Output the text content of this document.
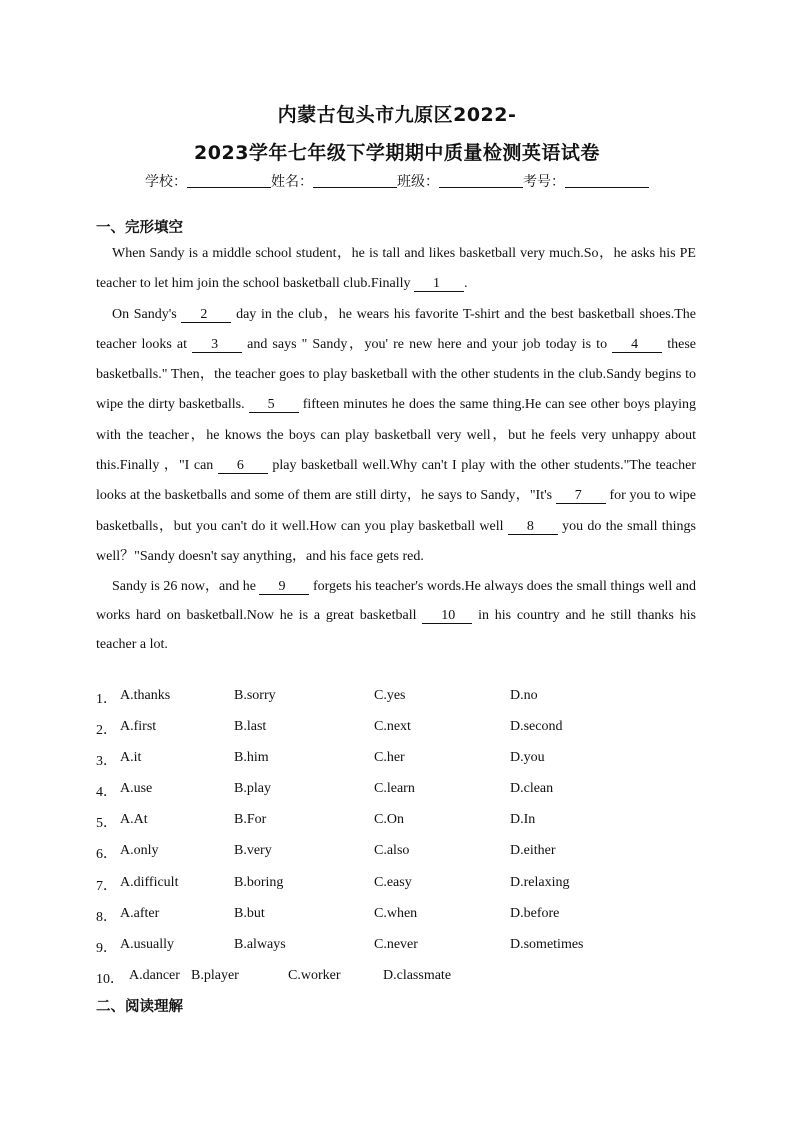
内蒙古包头市九原区2022-
2023学年七年级下学期期中质量检测英语试卷
学校：	姓名：	班级：	考号：
一、完形填空

When Sandy is a middle school student，he is tall and likes basketball very much.So，he asks his PE teacher to let him join the school basketball club.Finally 1 .

On Sandy's 2 day in the club，he wears his favorite T-shirt and the best basketball shoes.The teacher looks at 3 and says " Sandy，you' re new here and your job today is to 4 these basketballs." Then，the teacher goes to play basketball with the other students in the club.Sandy begins to wipe the dirty basketballs. 5 fifteen minutes he does the same thing.He can see other boys playing with the teacher，he knows the boys can play basketball very well，but he feels very unhappy about this.Finally ，"I can 6 play basketball well.Why can't I play with the other students."The teacher looks at the basketballs and some of them are still dirty，he says to Sandy，"It's 7 for you to wipe basketballs，but you can't do it well.How can you play basketball well 8 you do the small things well？"Sandy doesn't say anything，and his face gets red.

Sandy is 26 now，and he 9 forgets his teacher's words.He always does the small things well and works hard on basketball.Now he is a great basketball 10 in his country and he still thanks his teacher a lot.

1． A.thanks	B.sorry	C.yes	D.no
2． A.first	B.last	C.next	D.second
3． A.it	B.him	C.her	D.you
4． A.use	B.play	C.learn	D.clean
5． A.At	B.For	C.On	D.In
6． A.only	B.very	C.also	D.either
7． A.difficult	B.boring	C.easy	D.relaxing
8． A.after	B.but	C.when	D.before
9． A.usually	B.always	C.never	D.sometimes
10． A.dancer B.player	C.worker	D.classmate
二、阅读理解
